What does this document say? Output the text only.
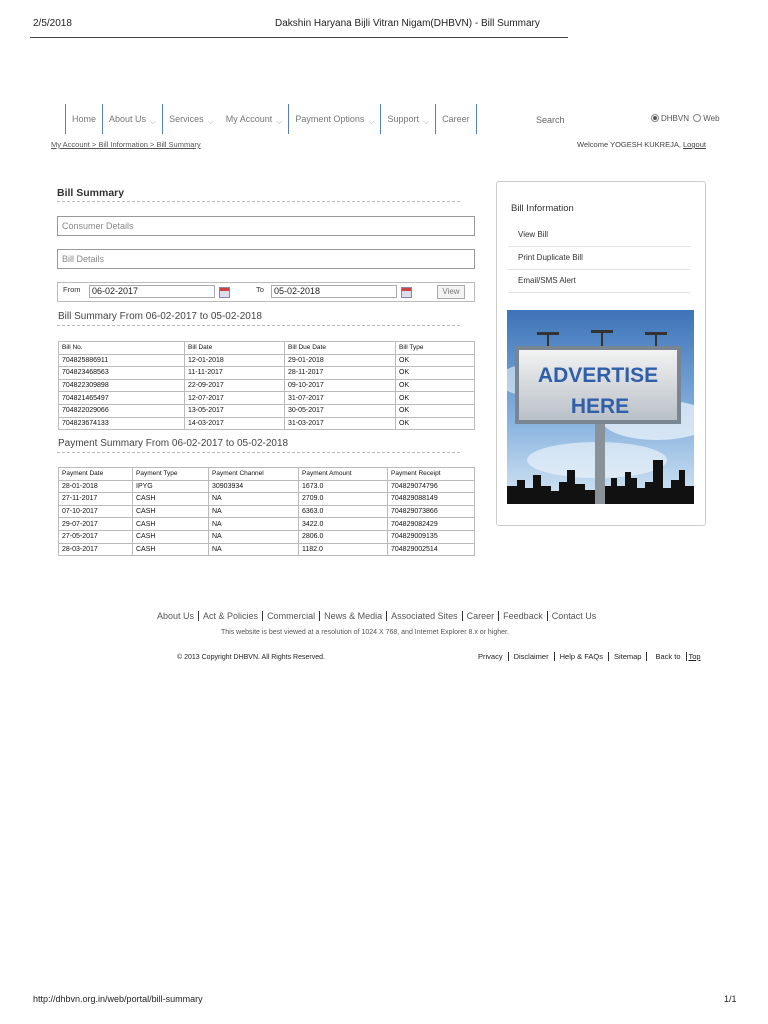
2/5/2018	Dakshin Haryana Bijli Vitran Nigam(DHBVN) - Bill Summary
Home About Us ⌵ Services ⌵ My Account ⌵ Payment Options ⌵ Support ⌵ Career	Search	DHBVN Web
My Account > Bill Information > Bill Summary	Welcome YOGESH KUKREJA, Logout
Bill Summary
Consumer Details
Bill Details
From	06-02-2017	To	05-02-2018	View
Bill Summary From 06-02-2017 to 05-02-2018
Bill No.	Bill Date	Bill Due Date	Bill Type
704825886911	12-01-2018	29-01-2018	OK
704823468563	11-11-2017	28-11-2017	OK
704822309898	22-09-2017	09-10-2017	OK
704821465497	12-07-2017	31-07-2017	OK
704822029066	13-05-2017	30-05-2017	OK
704823674133	14-03-2017	31-03-2017	OK
Payment Summary From 06-02-2017 to 05-02-2018
Payment Date	Payment Type	Payment Channel	Payment Amount	Payment Receipt
28-01-2018	IPYG	30903934	1673.0	704829074796
27-11-2017	CASH	NA	2709.0	704829088149
07-10-2017	CASH	NA	6363.0	704829073866
29-07-2017	CASH	NA	3422.0	704829082429
27-05-2017	CASH	NA	2806.0	704829009135
28-03-2017	CASH	NA	1182.0	704829002514
Bill Information
View Bill
Print Duplicate Bill
Email/SMS Alert
ADVERTISE
HERE
About Us	Act & Policies	Commercial	News & Media	Associated Sites	Career	Feedback	Contact Us
This website is best viewed at a resolution of 1024 X 768, and Internet Explorer 8.x or higher.
© 2013 Copyright DHBVN. All Rights Reserved.	Privacy	Disclaimer	Help & FAQs	Sitemap	Back to Top
http://dhbvn.org.in/web/portal/bill-summary	1/1
